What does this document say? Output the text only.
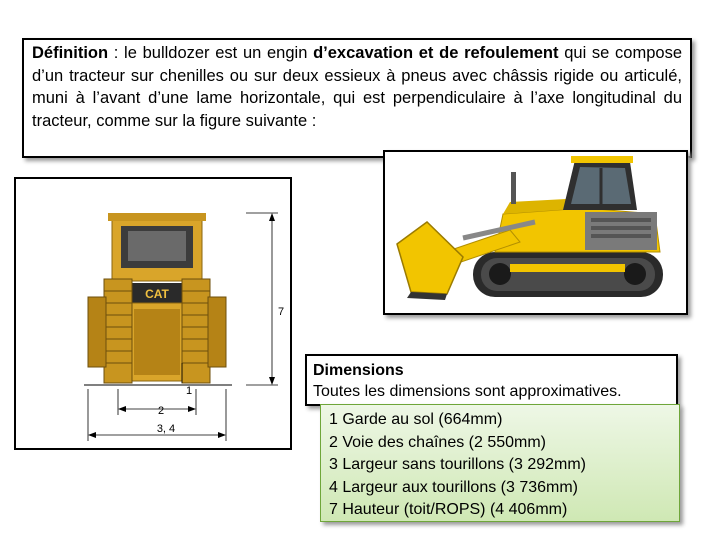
Définition : le bulldozer est un engin d’excavation et de refoulement qui se compose d’un tracteur sur chenilles ou sur deux essieux à pneus avec châssis rigide ou articulé, muni à l’avant d’une lame horizontale, qui est perpendiculaire à l’axe longitudinal du tracteur, comme sur la figure suivante :
CAT
7
1
2
3, 4
Dimensions
Toutes les dimensions sont approximatives.
1 Garde au sol (664mm)
2 Voie des chaînes (2 550mm)
3 Largeur sans tourillons (3 292mm)
4 Largeur aux tourillons (3 736mm)
7 Hauteur (toit/ROPS) (4 406mm)
